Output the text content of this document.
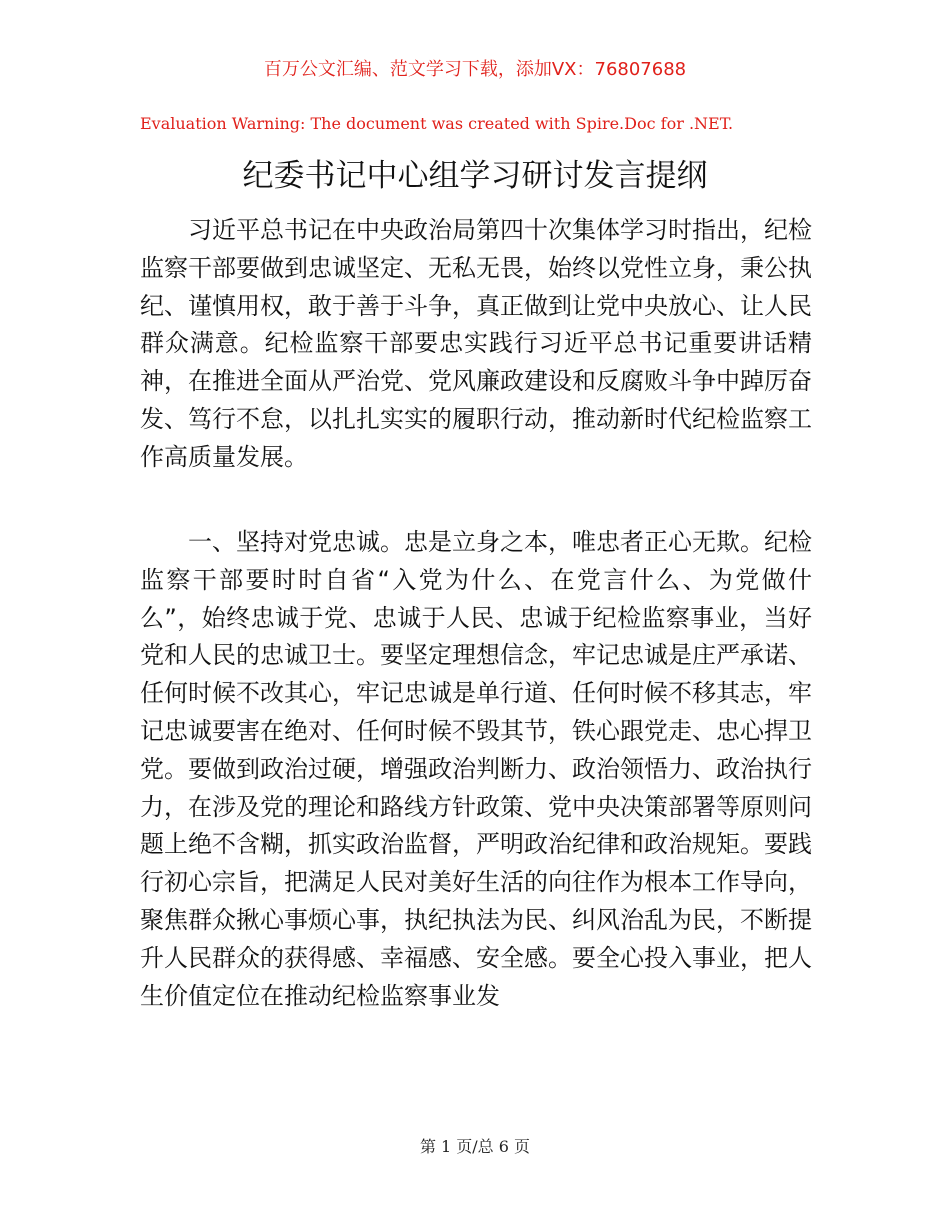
百万公文汇编、范文学习下载，添加VX：76807688
Evaluation Warning: The document was created with Spire.Doc for .NET.
纪委书记中心组学习研讨发言提纲

习近平总书记在中央政治局第四十次集体学习时指出，纪检监察干部要做到忠诚坚定、无私无畏，始终以党性立身，秉公执纪、谨慎用权，敢于善于斗争，真正做到让党中央放心、让人民群众满意。纪检监察干部要忠实践行习近平总书记重要讲话精神，在推进全面从严治党、党风廉政建设和反腐败斗争中踔厉奋发、笃行不怠，以扎扎实实的履职行动，推动新时代纪检监察工作高质量发展。

一、坚持对党忠诚。忠是立身之本，唯忠者正心无欺。纪检监察干部要时时自省“入党为什么、在党言什么、为党做什么”，始终忠诚于党、忠诚于人民、忠诚于纪检监察事业，当好党和人民的忠诚卫士。要坚定理想信念，牢记忠诚是庄严承诺、任何时候不改其心，牢记忠诚是单行道、任何时候不移其志，牢记忠诚要害在绝对、任何时候不毁其节，铁心跟党走、忠心捍卫党。要做到政治过硬，增强政治判断力、政治领悟力、政治执行力，在涉及党的理论和路线方针政策、党中央决策部署等原则问题上绝不含糊，抓实政治监督，严明政治纪律和政治规矩。要践行初心宗旨，把满足人民对美好生活的向往作为根本工作导向，聚焦群众揪心事烦心事，执纪执法为民、纠风治乱为民，不断提升人民群众的获得感、幸福感、安全感。要全心投入事业，把人生价值定位在推动纪检监察事业发

第 1 页/总 6 页
